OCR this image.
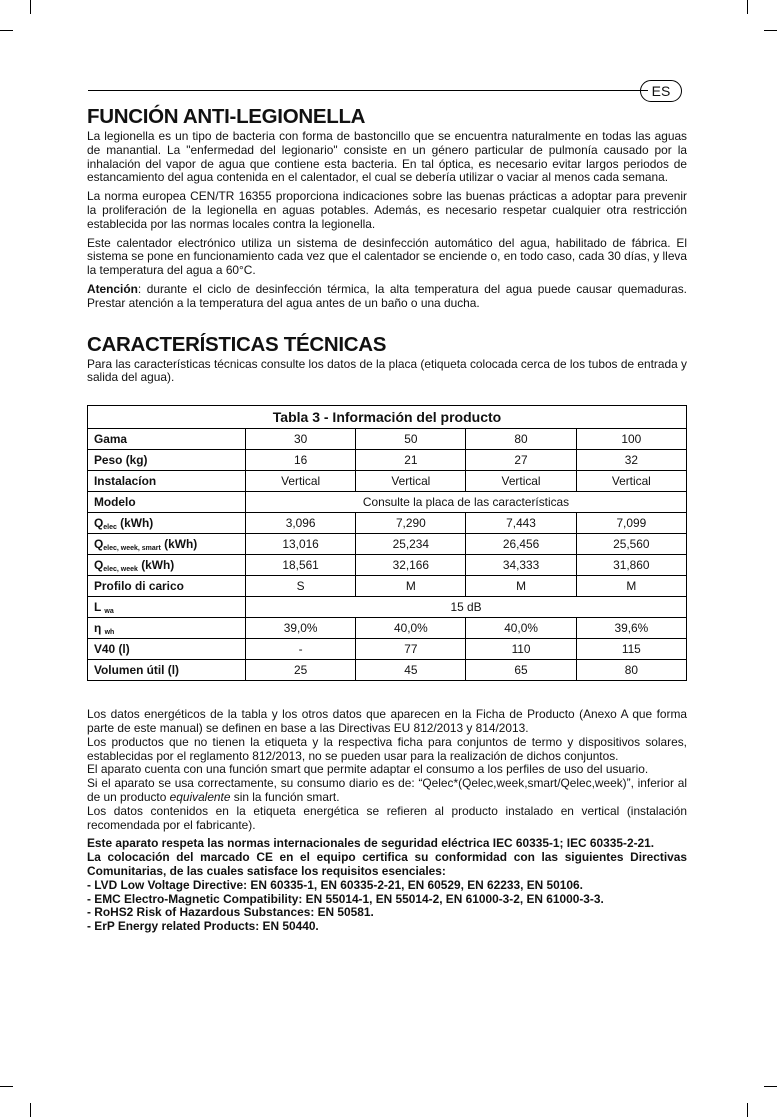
ES
FUNCIÓN ANTI-LEGIONELLA

La legionella es un tipo de bacteria con forma de bastoncillo que se encuentra naturalmente en todas las aguas de manantial. La "enfermedad del legionario" consiste en un género particular de pulmonía causado por la inhalación del vapor de agua que contiene esta bacteria. En tal óptica, es necesario evitar largos periodos de estancamiento del agua contenida en el calentador, el cual se debería utilizar o vaciar al menos cada semana.

La norma europea CEN/TR 16355 proporciona indicaciones sobre las buenas prácticas a adoptar para prevenir la proliferación de la legionella en aguas potables. Además, es necesario respetar cualquier otra restricción establecida por las normas locales contra la legionella.

Este calentador electrónico utiliza un sistema de desinfección automático del agua, habilitado de fábrica. El sistema se pone en funcionamiento cada vez que el calentador se enciende o, en todo caso, cada 30 días, y lleva la temperatura del agua a 60°C.

Atención: durante el ciclo de desinfección térmica, la alta temperatura del agua puede causar quemaduras. Prestar atención a la temperatura del agua antes de un baño o una ducha.

CARACTERÍSTICAS TÉCNICAS

Para las características técnicas consulte los datos de la placa (etiqueta colocada cerca de los tubos de entrada y salida del agua).

Tabla 3 - Información del producto				
Gama	30	50	80	100
Peso (kg)	16	21	27	32
Instalacíon	Vertical	Vertical	Vertical	Vertical
Modelo	Consulte la placa de las características			
$Q_{elec}$ (kWh)	3,096	7,290	7,443	7,099
$Q_{elec, week, smart}$ (kWh)	13,016	25,234	26,456	25,560
$Q_{elec, week}$ (kWh)	18,561	32,166	34,333	31,860
Profilo di carico	S	M	M	M
L $_{wa}$	15 dB			
η $_{wh}$	39,0%	40,0%	40,0%	39,6%
V40 (l)	-	77	110	115
Volumen útil (l)	25	45	65	80

Los datos energéticos de la tabla y los otros datos que aparecen en la Ficha de Producto (Anexo A que forma parte de este manual) se definen en base a las Directivas EU 812/2013 y 814/2013.

Los productos que no tienen la etiqueta y la respectiva ficha para conjuntos de termo y dispositivos solares, establecidas por el reglamento 812/2013, no se pueden usar para la realización de dichos conjuntos.

El aparato cuenta con una función smart que permite adaptar el consumo a los perfiles de uso del usuario.

Si el aparato se usa correctamente, su consumo diario es de: “Qelec*(Qelec,week,smart/Qelec,week)”, inferior al de un producto equivalente sin la función smart.

Los datos contenidos en la etiqueta energética se refieren al producto instalado en vertical (instalación recomendada por el fabricante).

Este aparato respeta las normas internacionales de seguridad eléctrica IEC 60335-1; IEC 60335-2-21.

La colocación del marcado CE en el equipo certifica su conformidad con las siguientes Directivas Comunitarias, de las cuales satisface los requisitos esenciales:

- LVD Low Voltage Directive: EN 60335-1, EN 60335-2-21, EN 60529, EN 62233, EN 50106.

- EMC Electro-Magnetic Compatibility: EN 55014-1, EN 55014-2, EN 61000-3-2, EN 61000-3-3.

- RoHS2 Risk of Hazardous Substances: EN 50581.

- ErP Energy related Products: EN 50440.
